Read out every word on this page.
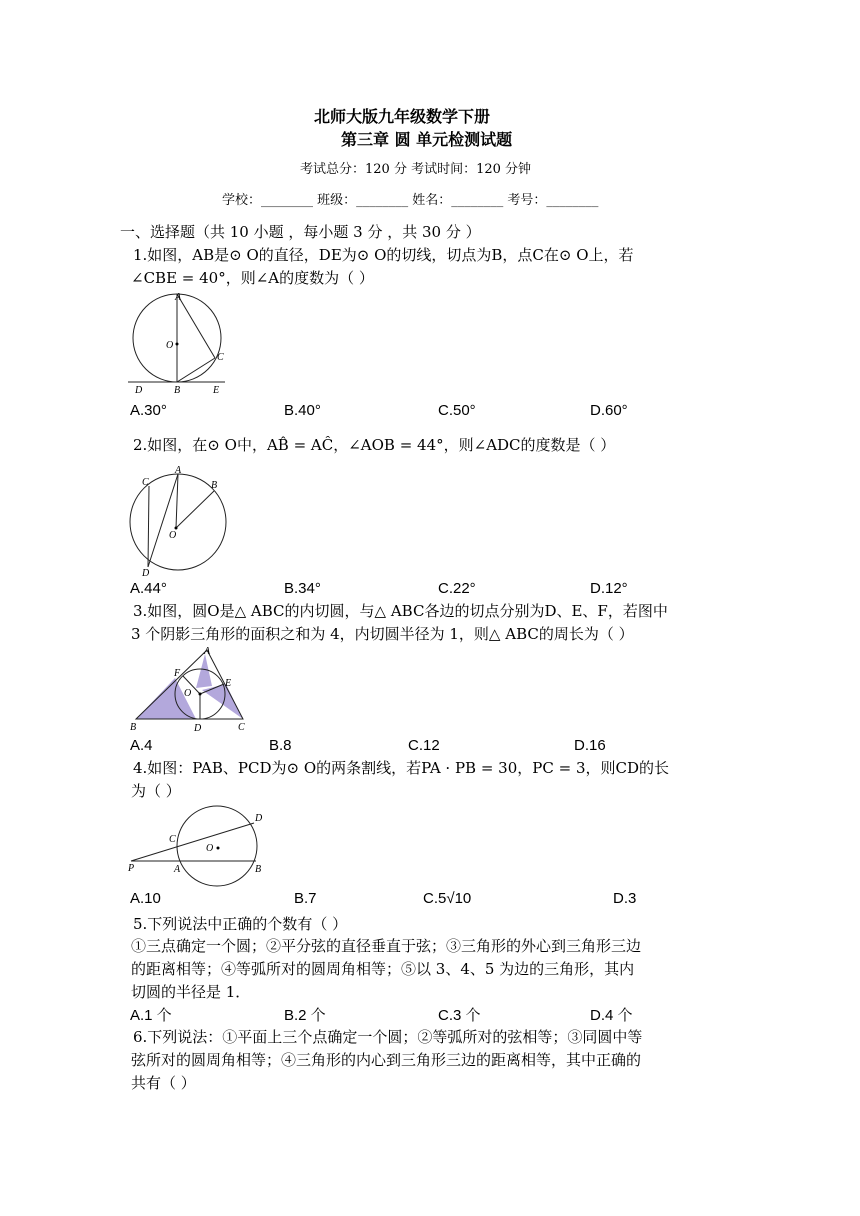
北师大版九年级数学下册
第三章 圆 单元检测试题
考试总分：120 分 考试时间：120 分钟
学校：________ 班级：________ 姓名：________ 考号：________
一、选择题（共 10 小题 ，每小题 3 分 ，共 30 分 ）
1.如图，AB是⊙ O的直径，DE为⊙ O的切线，切点为B，点C在⊙ O上，若
∠CBE = 40°，则∠A的度数为（ ）
A
O
C
D	B	E
A.30°	B.40°	C.50°	D.60°
2.如图，在⊙ O中，AB̂ = AĈ，∠AOB = 44°，则∠ADC的度数是（ ）
A
B
C
O
D
A.44°	B.34°	C.22°	D.12°
3.如图，圆O是△ ABC的内切圆，与△ ABC各边的切点分别为D、E、F，若图中
3 个阴影三角形的面积之和为 4，内切圆半径为 1，则△ ABC的周长为（ ）
A
F
E
O
B	D	C
A.4	B.8	C.12	D.16
4.如图：PAB、PCD为⊙ O的两条割线，若PA · PB = 30，PC = 3，则CD的长
为（ ）
D
C
O
P	A	B
A.10	B.7	C.5√10	D.3
5.下列说法中正确的个数有（ ）
①三点确定一个圆；②平分弦的直径垂直于弦；③三角形的外心到三角形三边
的距离相等；④等弧所对的圆周角相等；⑤以 3、4、5 为边的三角形，其内
切圆的半径是 1．
A.1 个	B.2 个	C.3 个	D.4 个
6.下列说法：①平面上三个点确定一个圆；②等弧所对的弦相等；③同圆中等
弦所对的圆周角相等；④三角形的内心到三角形三边的距离相等，其中正确的
共有（ ）
